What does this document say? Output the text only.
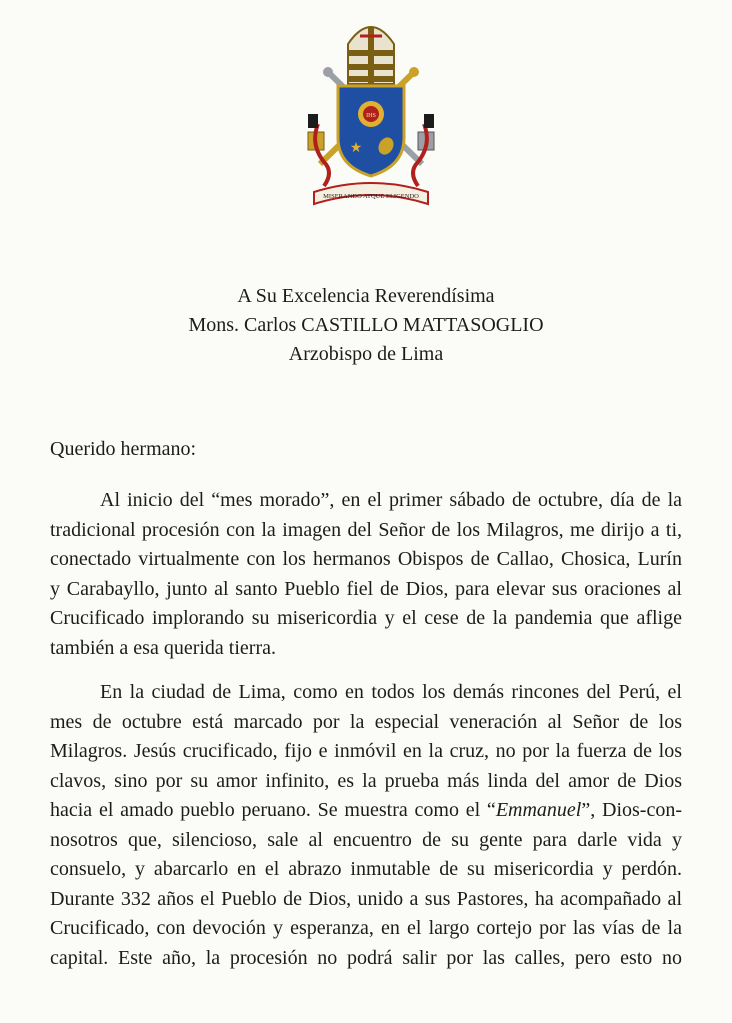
IHS
★
MISERANDO ATQUE ELIGENDO
A Su Excelencia Reverendísima
Mons. Carlos CASTILLO MATTASOGLIO
Arzobispo de Lima
Querido hermano:
Al inicio del “mes morado”, en el primer sábado de octubre, día de la
tradicional procesión con la imagen del Señor de los Milagros, me dirijo a ti,
conectado virtualmente con los hermanos Obispos de Callao, Chosica, Lurín
y Carabayllo, junto al santo Pueblo fiel de Dios, para elevar sus oraciones al
Crucificado implorando su misericordia y el cese de la pandemia que aflige
también a esa querida tierra.
En la ciudad de Lima, como en todos los demás rincones del Perú, el
mes de octubre está marcado por la especial veneración al Señor de los
Milagros. Jesús crucificado, fijo e inmóvil en la cruz, no por la fuerza de los
clavos, sino por su amor infinito, es la prueba más linda del amor de Dios
hacia el amado pueblo peruano. Se muestra como el “Emmanuel”, Dios-con-
nosotros que, silencioso, sale al encuentro de su gente para darle vida y
consuelo, y abarcarlo en el abrazo inmutable de su misericordia y perdón.
Durante 332 años el Pueblo de Dios, unido a sus Pastores, ha acompañado al
Crucificado, con devoción y esperanza, en el largo cortejo por las vías de la
capital. Este año, la procesión no podrá salir por las calles, pero esto no
